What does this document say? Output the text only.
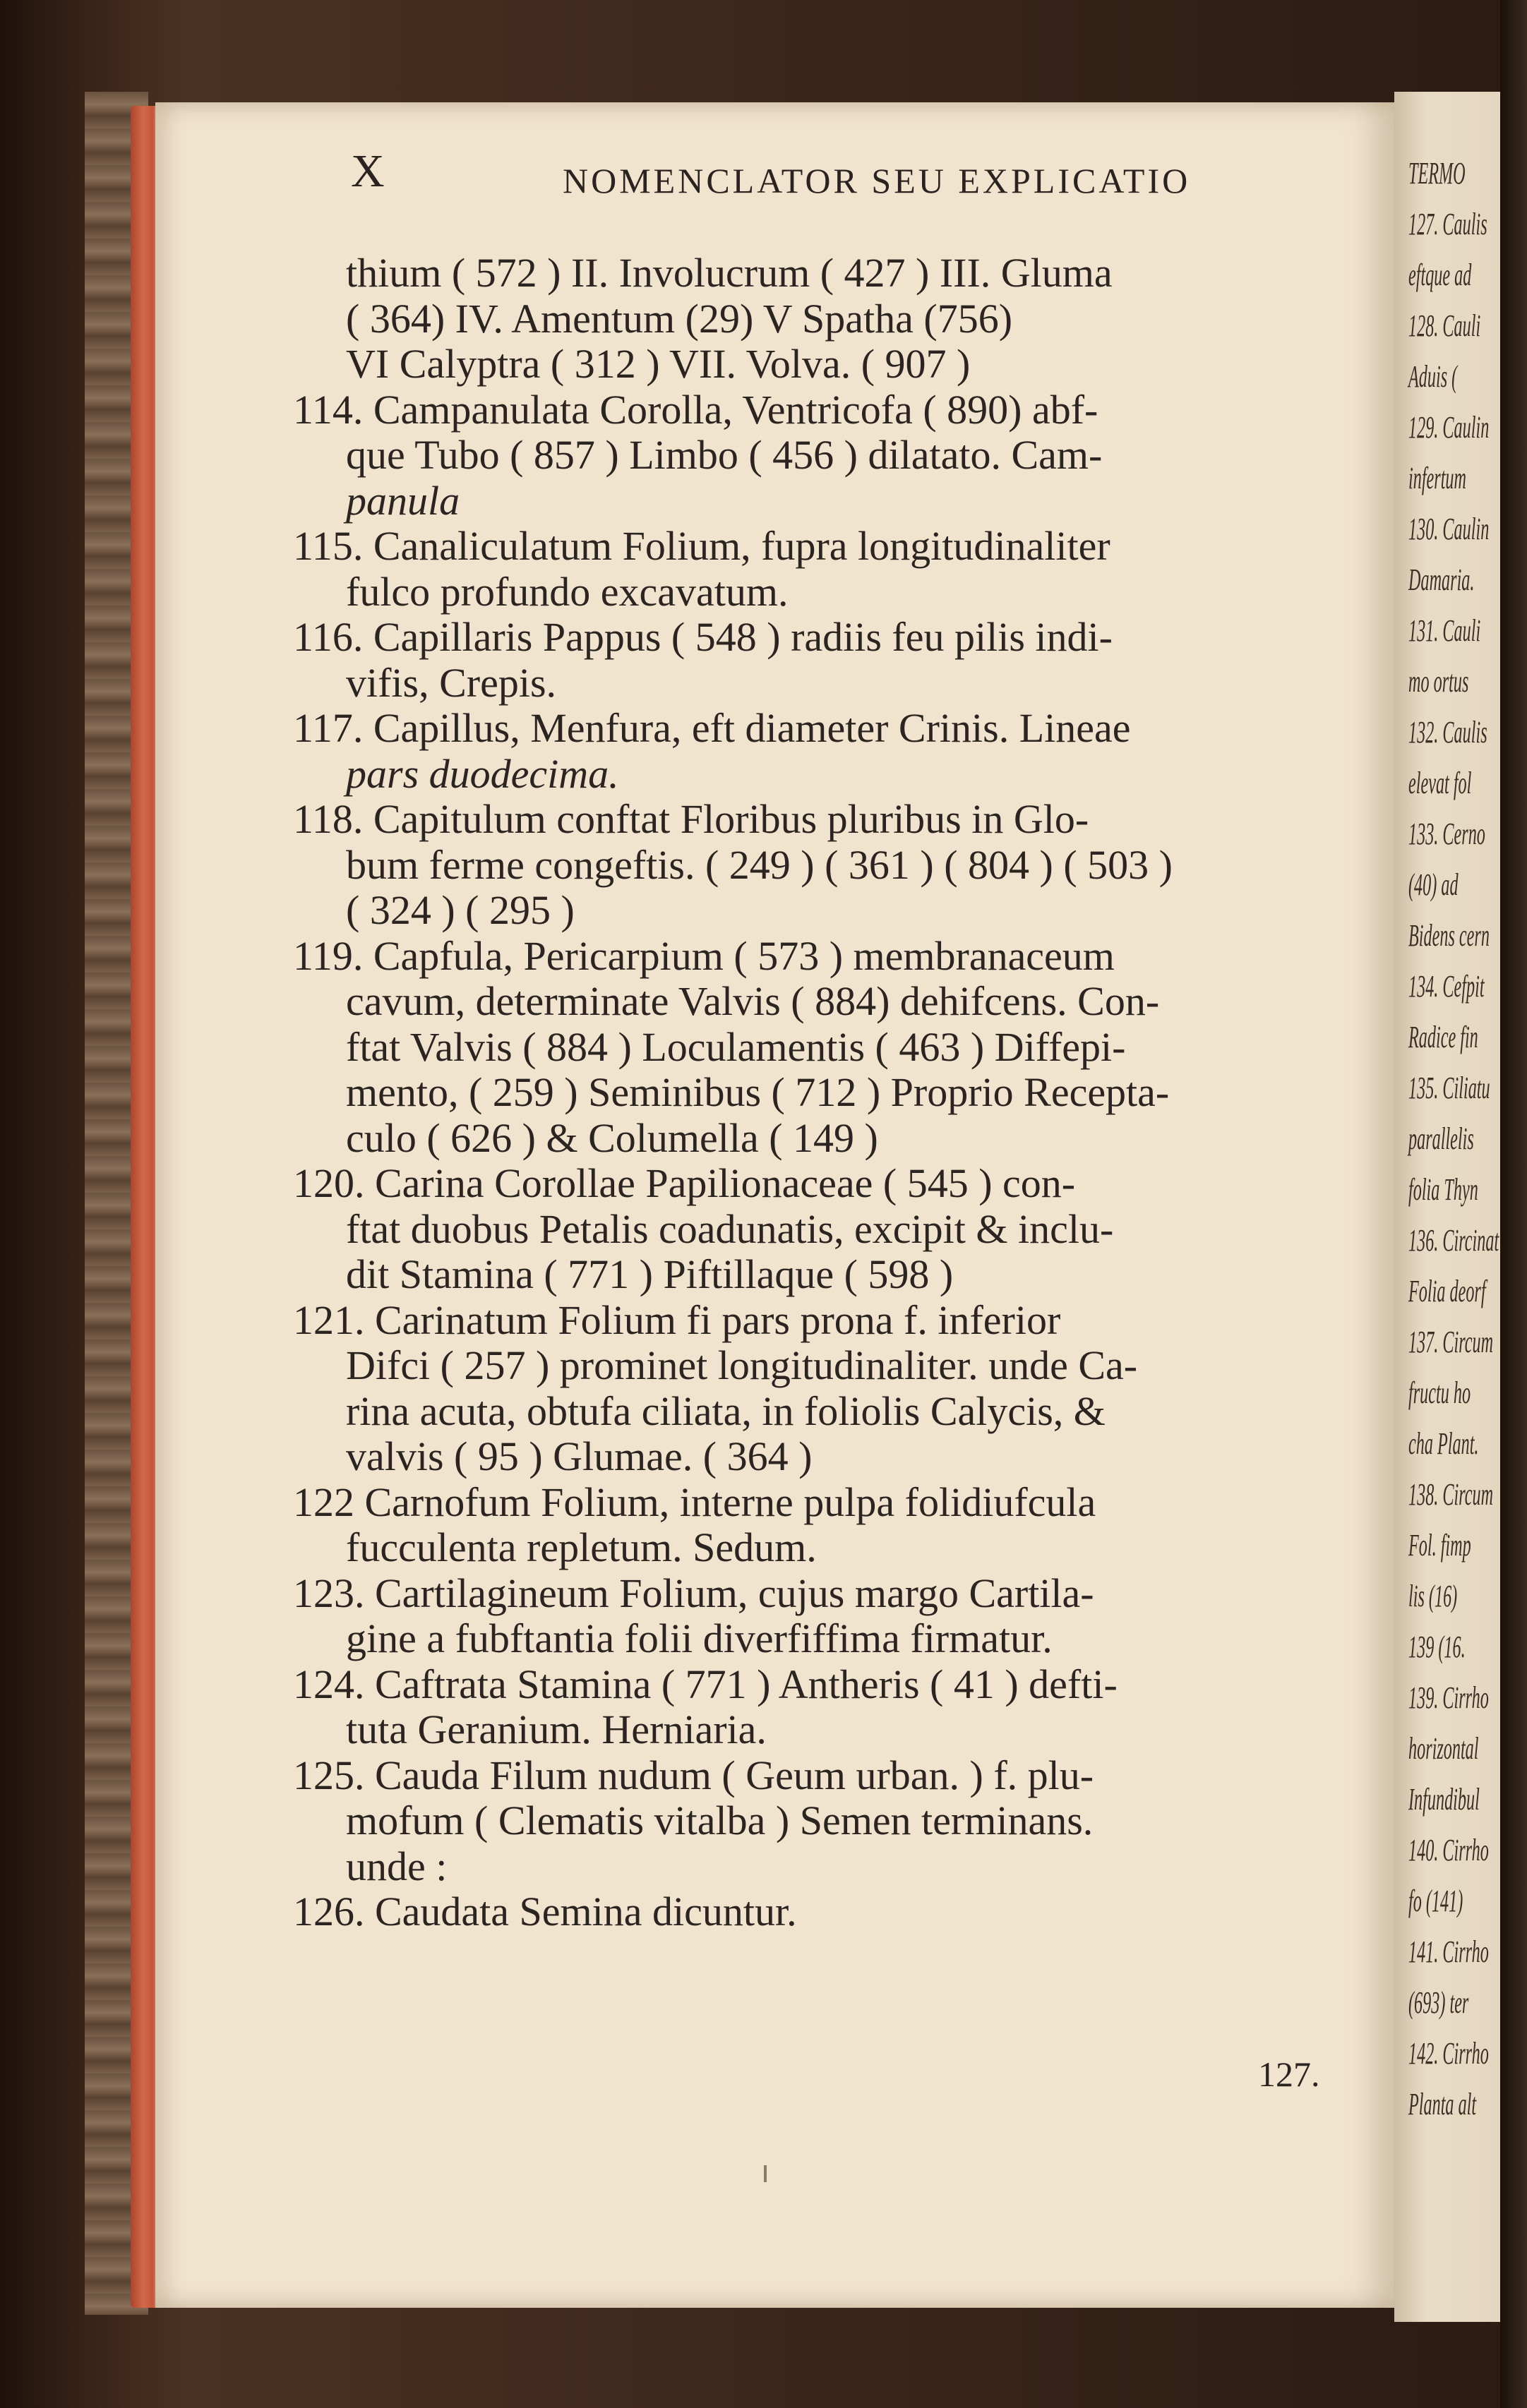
X	NOMENCLATOR SEU EXPLICATIO
thium ( 572 ) II. Involucrum ( 427 ) III. Gluma
( 364) IV. Amentum (29) V Spatha (756)
VI Calyptra ( 312 ) VII. Volva. ( 907 )
114. Campanulata Corolla, Ventricofa ( 890) abf-
que Tubo ( 857 ) Limbo ( 456 ) dilatato. Cam-
panula
115. Canaliculatum Folium, fupra longitudinaliter
fulco profundo excavatum.
116. Capillaris Pappus ( 548 ) radiis feu pilis indi-
vifis, Crepis.
117. Capillus, Menfura, eft diameter Crinis. Lineae
pars duodecima.
118. Capitulum conftat Floribus pluribus in Glo-
bum ferme congeftis. ( 249 ) ( 361 ) ( 804 ) ( 503 )
( 324 ) ( 295 )
119. Capfula, Pericarpium ( 573 ) membranaceum
cavum, determinate Valvis ( 884) dehifcens. Con-
ftat Valvis ( 884 ) Loculamentis ( 463 ) Diffepi-
mento, ( 259 ) Seminibus ( 712 ) Proprio Recepta-
culo ( 626 ) & Columella ( 149 )
120. Carina Corollae Papilionaceae ( 545 ) con-
ftat duobus Petalis coadunatis, excipit & inclu-
dit Stamina ( 771 ) Piftillaque ( 598 )
121. Carinatum Folium fi pars prona f. inferior
Difci ( 257 ) prominet longitudinaliter. unde Ca-
rina acuta, obtufa ciliata, in foliolis Calycis, &
valvis ( 95 ) Glumae. ( 364 )
122 Carnofum Folium, interne pulpa folidiufcula
fucculenta repletum. Sedum.
123. Cartilagineum Folium, cujus margo Cartila-
gine a fubftantia folii diverfiffima firmatur.
124. Caftrata Stamina ( 771 ) Antheris ( 41 ) defti-
tuta Geranium. Herniaria.
125. Cauda Filum nudum ( Geum urban. ) f. plu-
mofum ( Clematis vitalba ) Semen terminans.
unde :
126. Caudata Semina dicuntur.
127.
TERMO
127. Caulis
eftque ad
128. Cauli
Aduis (
129. Caulin
infertum
130. Caulin
Damaria.
131. Cauli
mo ortus
132. Caulis
elevat fol
133. Cerno
(40) ad
Bidens cern
134. Cefpit
Radice fin
135. Ciliatu
parallelis
folia Thyn
136. Circinat
Folia deorf
137. Circum
fructu ho
cha Plant.
138. Circum
Fol. fimp
lis (16)
139 (16.
139. Cirrho
horizontal
Infundibul
140. Cirrho
fo (141)
141. Cirrho
(693) ter
142. Cirrho
Planta alt
